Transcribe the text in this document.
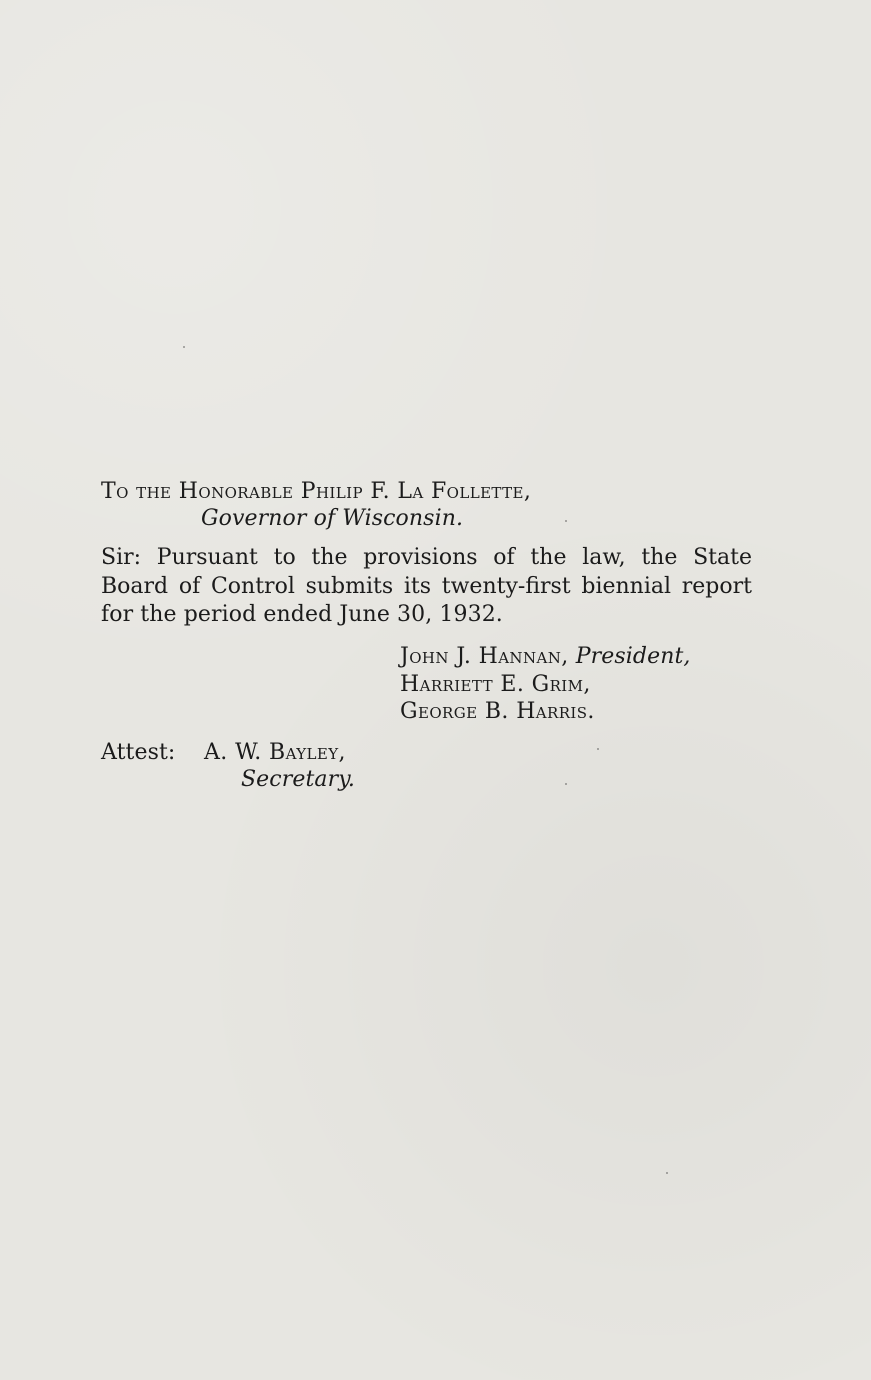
To the Honorable Philip F. La Follette,
Governor of Wisconsin.
Sir: Pursuant to the provisions of the law, the State
Board of Control submits its twenty-first biennial report
for the period ended June 30, 1932.
John J. Hannan, President,
Harriett E. Grim,
George B. Harris.
Attest: A. W. Bayley,
Secretary.
